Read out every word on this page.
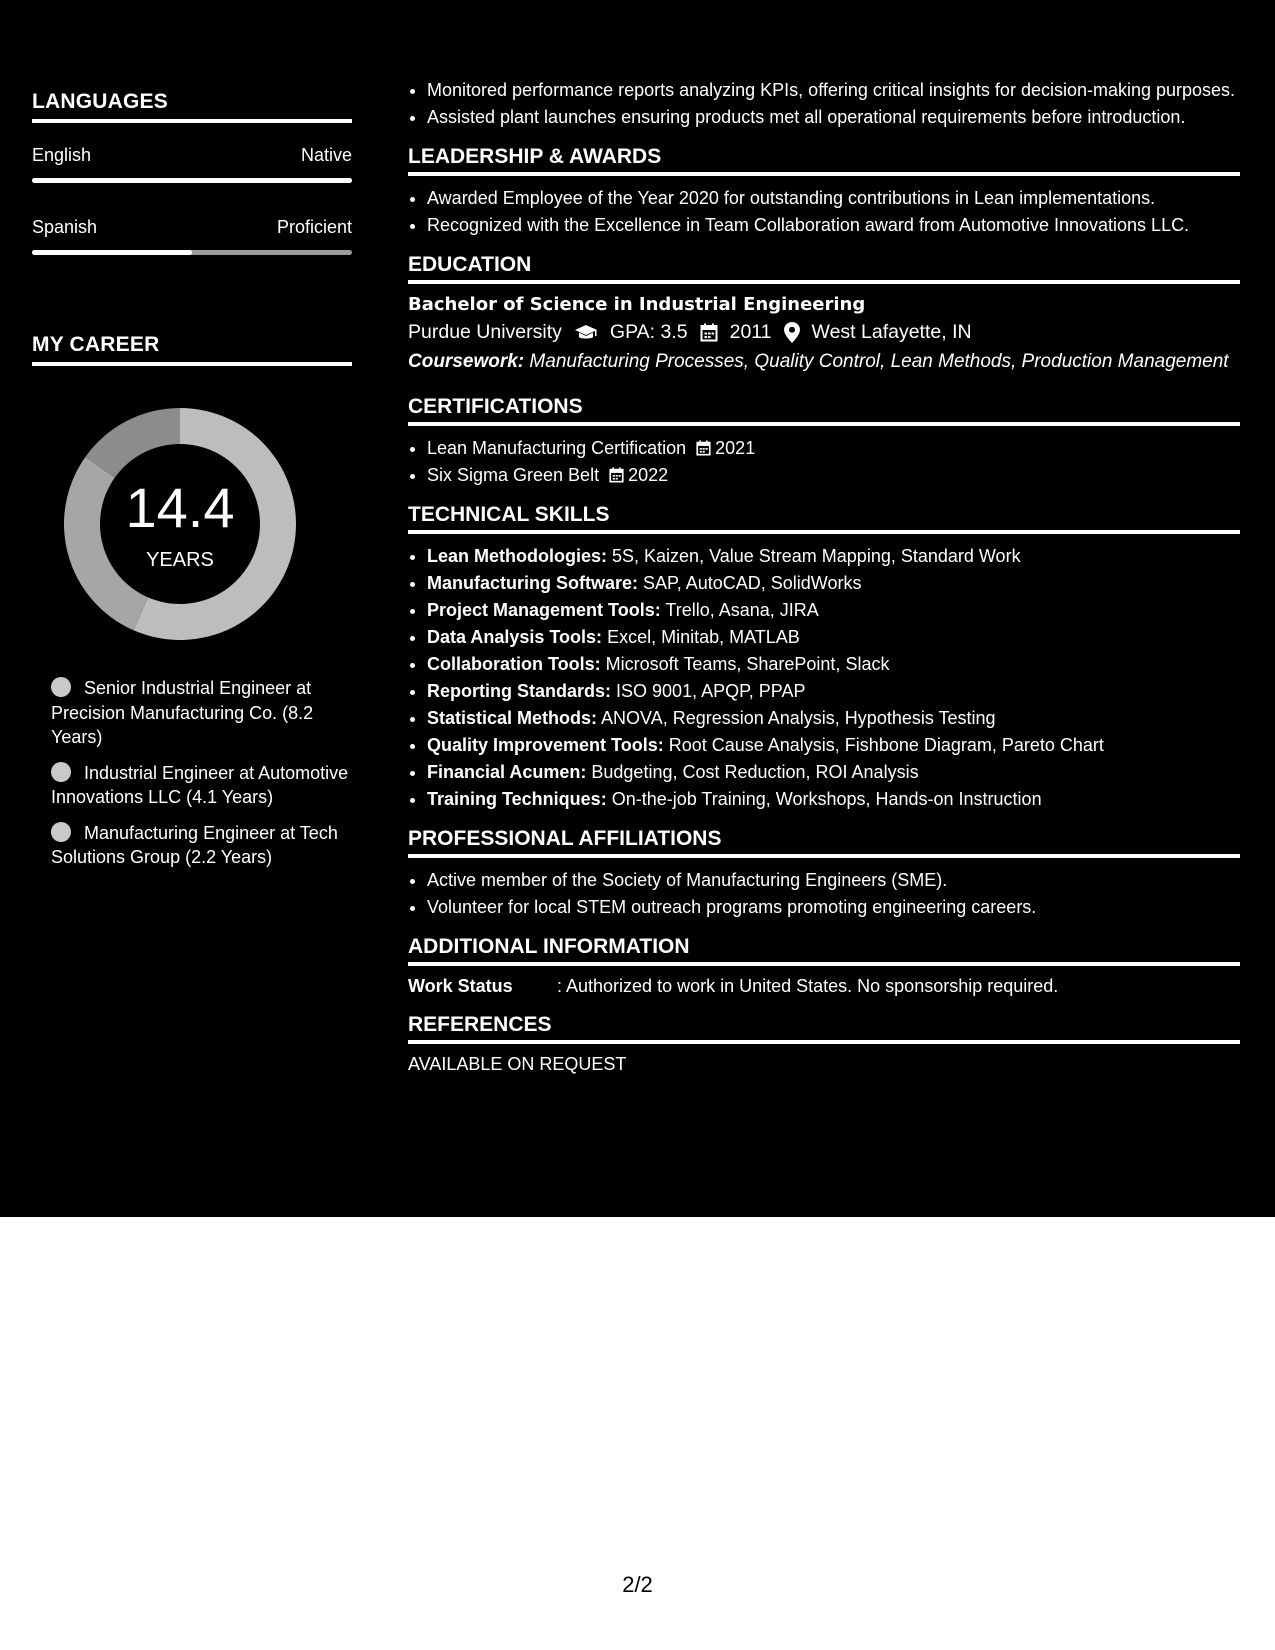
LANGUAGES
English	Native
Spanish	Proficient
MY CAREER
14.4
YEARS
Senior Industrial Engineer at Precision Manufacturing Co. (8.2 Years)
Industrial Engineer at Automotive Innovations LLC (4.1 Years)
Manufacturing Engineer at Tech Solutions Group (2.2 Years)
• Monitored performance reports analyzing KPIs, offering critical insights for decision-making purposes.
• Assisted plant launches ensuring products met all operational requirements before introduction.
LEADERSHIP & AWARDS
• Awarded Employee of the Year 2020 for outstanding contributions in Lean implementations.
• Recognized with the Excellence in Team Collaboration award from Automotive Innovations LLC.
EDUCATION
Bachelor of Science in Industrial Engineering
Purdue University GPA: 3.5 2011 West Lafayette, IN
Coursework: Manufacturing Processes, Quality Control, Lean Methods, Production Management
CERTIFICATIONS
• Lean Manufacturing Certification 2021
• Six Sigma Green Belt 2022
TECHNICAL SKILLS
• Lean Methodologies: 5S, Kaizen, Value Stream Mapping, Standard Work
• Manufacturing Software: SAP, AutoCAD, SolidWorks
• Project Management Tools: Trello, Asana, JIRA
• Data Analysis Tools: Excel, Minitab, MATLAB
• Collaboration Tools: Microsoft Teams, SharePoint, Slack
• Reporting Standards: ISO 9001, APQP, PPAP
• Statistical Methods: ANOVA, Regression Analysis, Hypothesis Testing
• Quality Improvement Tools: Root Cause Analysis, Fishbone Diagram, Pareto Chart
• Financial Acumen: Budgeting, Cost Reduction, ROI Analysis
• Training Techniques: On-the-job Training, Workshops, Hands-on Instruction
PROFESSIONAL AFFILIATIONS
• Active member of the Society of Manufacturing Engineers (SME).
• Volunteer for local STEM outreach programs promoting engineering careers.
ADDITIONAL INFORMATION
Work Status	: Authorized to work in United States. No sponsorship required.
REFERENCES
AVAILABLE ON REQUEST
2/2
